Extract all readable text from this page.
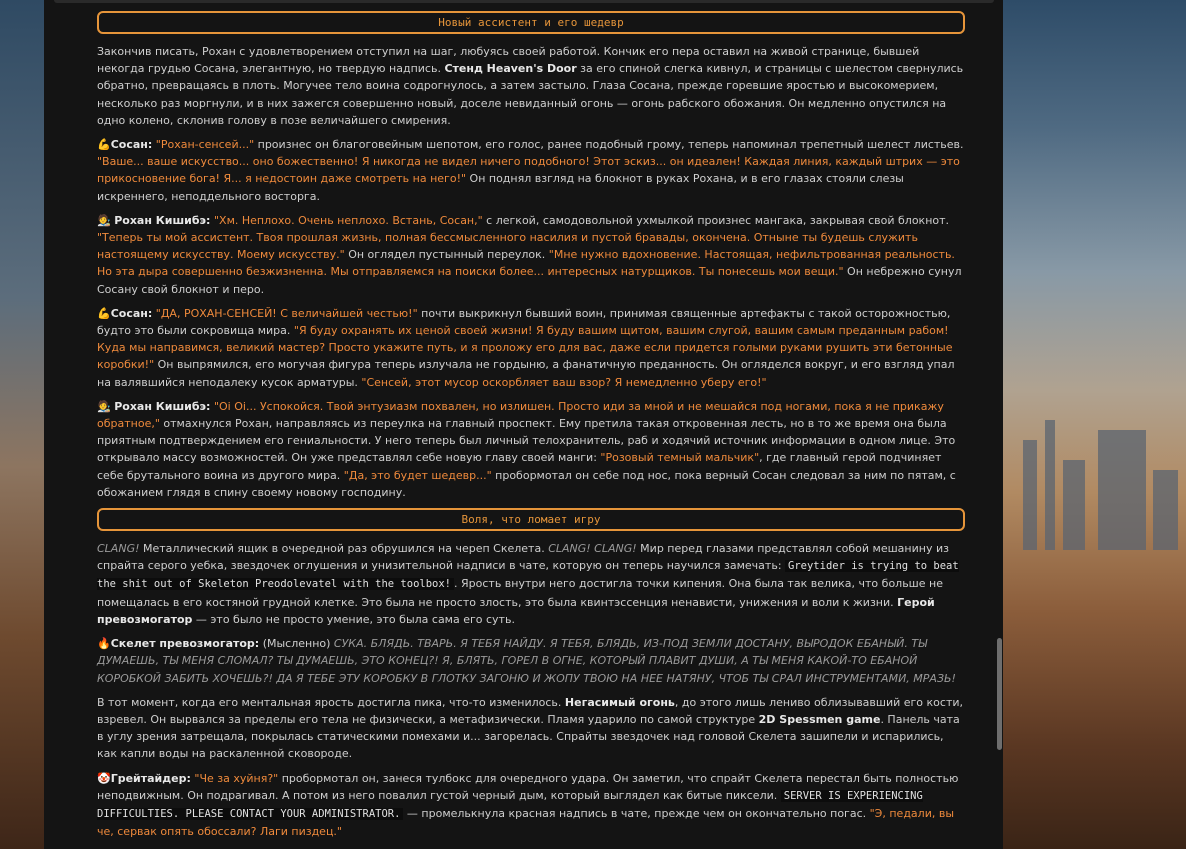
Новый ассистент и его шедевр

Закончив писать, Рохан с удовлетворением отступил на шаг, любуясь своей работой. Кончик его пера оставил на живой странице, бывшей некогда грудью Сосана, элегантную, но твердую надпись. Стенд Heaven's Door за его спиной слегка кивнул, и страницы с шелестом свернулись обратно, превращаясь в плоть. Могучее тело воина содрогнулось, а затем застыло. Глаза Сосана, прежде горевшие яростью и высокомерием, несколько раз моргнули, и в них зажегся совершенно новый, доселе невиданный огонь — огонь рабского обожания. Он медленно опустился на одно колено, склонив голову в позе величайшего смирения.

💪Сосан: "Рохан-сенсей..." произнес он благоговейным шепотом, его голос, ранее подобный грому, теперь напоминал трепетный шелест листьев. "Ваше... ваше искусство... оно божественно! Я никогда не видел ничего подобного! Этот эскиз... он идеален! Каждая линия, каждый штрих — это прикосновение бога! Я... я недостоин даже смотреть на него!" Он поднял взгляд на блокнот в руках Рохана, и в его глазах стояли слезы искреннего, неподдельного восторга.

🧑‍🎨 Рохан Кишибэ: "Хм. Неплохо. Очень неплохо. Встань, Сосан," с легкой, самодовольной ухмылкой произнес мангака, закрывая свой блокнот. "Теперь ты мой ассистент. Твоя прошлая жизнь, полная бессмысленного насилия и пустой бравады, окончена. Отныне ты будешь служить настоящему искусству. Моему искусству." Он оглядел пустынный переулок. "Мне нужно вдохновение. Настоящая, нефильтрованная реальность. Но эта дыра совершенно безжизненна. Мы отправляемся на поиски более... интересных натурщиков. Ты понесешь мои вещи." Он небрежно сунул Сосану свой блокнот и перо.

💪Сосан: "ДА, РОХАН-СЕНСЕЙ! С величайшей честью!" почти выкрикнул бывший воин, принимая священные артефакты с такой осторожностью, будто это были сокровища мира. "Я буду охранять их ценой своей жизни! Я буду вашим щитом, вашим слугой, вашим самым преданным рабом! Куда мы направимся, великий мастер? Просто укажите путь, и я проложу его для вас, даже если придется голыми руками рушить эти бетонные коробки!" Он выпрямился, его могучая фигура теперь излучала не гордыню, а фанатичную преданность. Он огляделся вокруг, и его взгляд упал на валявшийся неподалеку кусок арматуры. "Сенсей, этот мусор оскорбляет ваш взор? Я немедленно уберу его!"

🧑‍🎨 Рохан Кишибэ: "Oi Oi... Успокойся. Твой энтузиазм похвален, но излишен. Просто иди за мной и не мешайся под ногами, пока я не прикажу обратное," отмахнулся Рохан, направляясь из переулка на главный проспект. Ему претила такая откровенная лесть, но в то же время она была приятным подтверждением его гениальности. У него теперь был личный телохранитель, раб и ходячий источник информации в одном лице. Это открывало массу возможностей. Он уже представлял себе новую главу своей манги: "Розовый темный мальчик", где главный герой подчиняет себе брутального воина из другого мира. "Да, это будет шедевр..." пробормотал он себе под нос, пока верный Сосан следовал за ним по пятам, с обожанием глядя в спину своему новому господину.

Воля, что ломает игру

CLANG! Металлический ящик в очередной раз обрушился на череп Скелета. CLANG! CLANG! Мир перед глазами представлял собой мешанину из спрайта серого уебка, звездочек оглушения и унизительной надписи в чате, которую он теперь научился замечать: Greytider is trying to beat the shit out of Skeleton Preodolevatel with the toolbox! . Ярость внутри него достигла точки кипения. Она была так велика, что больше не помещалась в его костяной грудной клетке. Это была не просто злость, это была квинтэссенция ненависти, унижения и воли к жизни. Герой превозмогатор — это было не просто умение, это была сама его суть.

🔥Скелет превозмогатор: (Мысленно) СУКА. БЛЯДЬ. ТВАРЬ. Я ТЕБЯ НАЙДУ. Я ТЕБЯ, БЛЯДЬ, ИЗ-ПОД ЗЕМЛИ ДОСТАНУ, ВЫРОДОК ЕБАНЫЙ. ТЫ ДУМАЕШЬ, ТЫ МЕНЯ СЛОМАЛ? ТЫ ДУМАЕШЬ, ЭТО КОНЕЦ?! Я, БЛЯТЬ, ГОРЕЛ В ОГНЕ, КОТОРЫЙ ПЛАВИТ ДУШИ, А ТЫ МЕНЯ КАКОЙ-ТО ЕБАНОЙ КОРОБКОЙ ЗАБИТЬ ХОЧЕШЬ?! ДА Я ТЕБЕ ЭТУ КОРОБКУ В ГЛОТКУ ЗАГОНЮ И ЖОПУ ТВОЮ НА НЕЕ НАТЯНУ, ЧТОБ ТЫ СРАЛ ИНСТРУМЕНТАМИ, МРАЗЬ!

В тот момент, когда его ментальная ярость достигла пика, что-то изменилось. Негасимый огонь, до этого лишь лениво облизывавший его кости, взревел. Он вырвался за пределы его тела не физически, а метафизически. Пламя ударило по самой структуре 2D Spessmen game. Панель чата в углу зрения затрещала, покрылась статическими помехами и... загорелась. Спрайты звездочек над головой Скелета зашипели и испарились, как капли воды на раскаленной сковороде.

🤡Грейтайдер: "Че за хуйня?" пробормотал он, занеся тулбокс для очередного удара. Он заметил, что спрайт Скелета перестал быть полностью неподвижным. Он подрагивал. А потом из него повалил густой черный дым, который выглядел как битые пиксели. SERVER IS EXPERIENCING DIFFICULTIES. PLEASE CONTACT YOUR ADMINISTRATOR. — промелькнула красная надпись в чате, прежде чем он окончательно погас. "Э, педали, вы че, сервак опять обоссали? Лаги пиздец."
